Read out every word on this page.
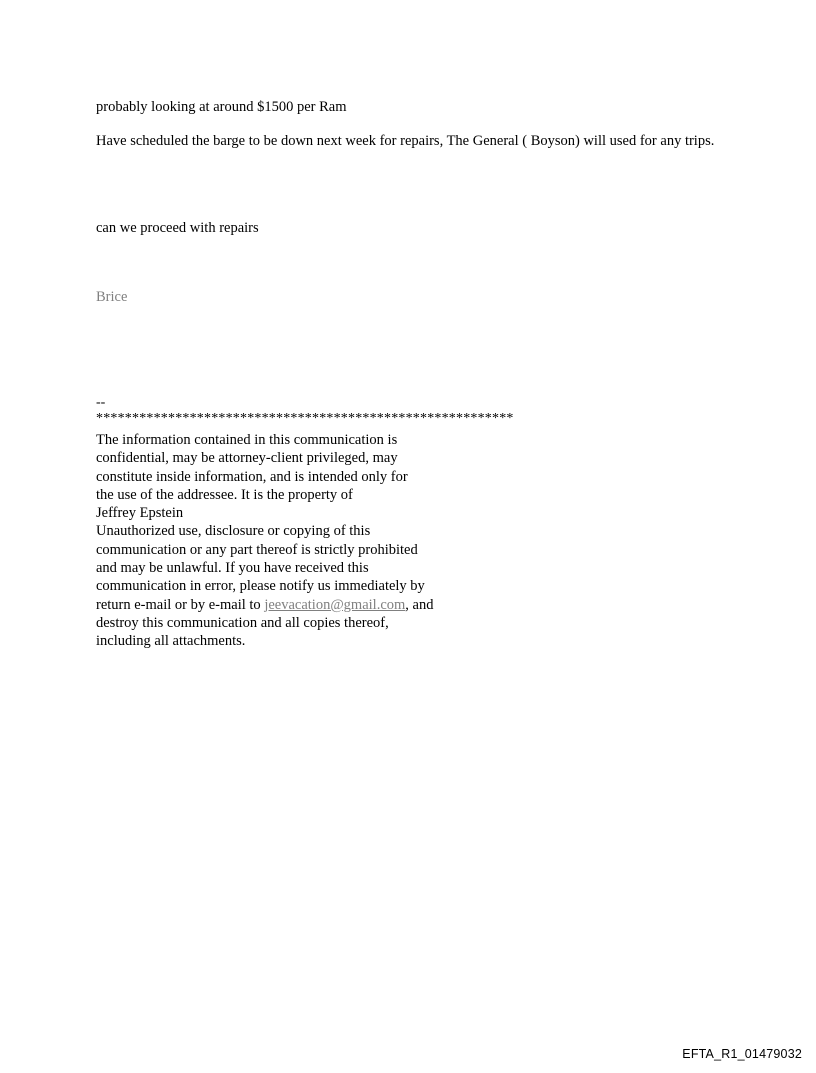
probably looking at around $1500 per Ram
Have scheduled the barge to be down next week for repairs, The General ( Boyson) will used for any trips.
can we proceed with repairs
Brice
--
**********************************************************
The information contained in this communication is
confidential, may be attorney-client privileged, may
constitute inside information, and is intended only for
the use of the addressee. It is the property of
Jeffrey Epstein
Unauthorized use, disclosure or copying of this
communication or any part thereof is strictly prohibited
and may be unlawful. If you have received this
communication in error, please notify us immediately by
return e-mail or by e-mail to jeevacation@gmail.com, and
destroy this communication and all copies thereof,
including all attachments.
EFTA_R1_01479032
